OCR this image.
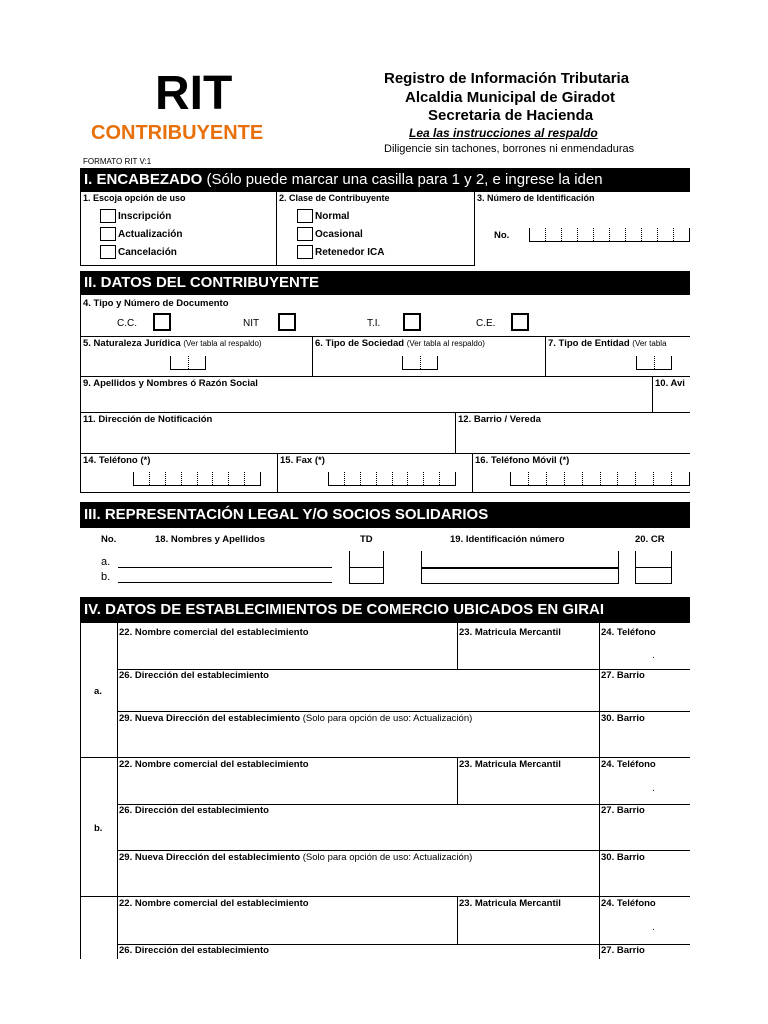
RIT
CONTRIBUYENTE
Registro de Información Tributaria
Alcaldia Municipal de Giradot
Secretaria de Hacienda
Lea las instrucciones al respaldo
Diligencie sin tachones, borrones ni enmendaduras
FORMATO RIT V:1
I. ENCABEZADO (Sólo puede marcar una casilla para 1 y 2, e ingrese la iden
1. Escoja opción de uso
Inscripción
Actualización
Cancelación
2. Clase de Contribuyente
Normal
Ocasional
Retenedor ICA
3. Número de Identificación
No.
II. DATOS DEL CONTRIBUYENTE
4. Tipo y Número de Documento
C.C.	NIT	T.I.	C.E.
5. Naturaleza Jurídica (Ver tabla al respaldo)	6. Tipo de Sociedad (Ver tabla al respaldo)	7. Tipo de Entidad (Ver tabla
9. Apellidos y Nombres ó Razón Social	10. Avi
11. Dirección de Notificación	12. Barrio / Vereda
14. Teléfono (*)	15. Fax (*)	16. Teléfono Móvil (*)
III. REPRESENTACIÓN LEGAL Y/O SOCIOS SOLIDARIOS
No.	18. Nombres y Apellidos	TD	19. Identificación número	20. CR
a.
b.
IV. DATOS DE ESTABLECIMIENTOS DE COMERCIO UBICADOS EN GIRAI
22. Nombre comercial del establecimiento	23. Matricula Mercantil	24. Teléfono
.
26. Dirección del establecimiento	27. Barrio
a.
29. Nueva Dirección del establecimiento (Solo para opción de uso: Actualización)	30. Barrio
22. Nombre comercial del establecimiento	23. Matricula Mercantil	24. Teléfono
.
26. Dirección del establecimiento	27. Barrio
b.
29. Nueva Dirección del establecimiento (Solo para opción de uso: Actualización)	30. Barrio
22. Nombre comercial del establecimiento	23. Matricula Mercantil	24. Teléfono
.
26. Dirección del establecimiento	27. Barrio
